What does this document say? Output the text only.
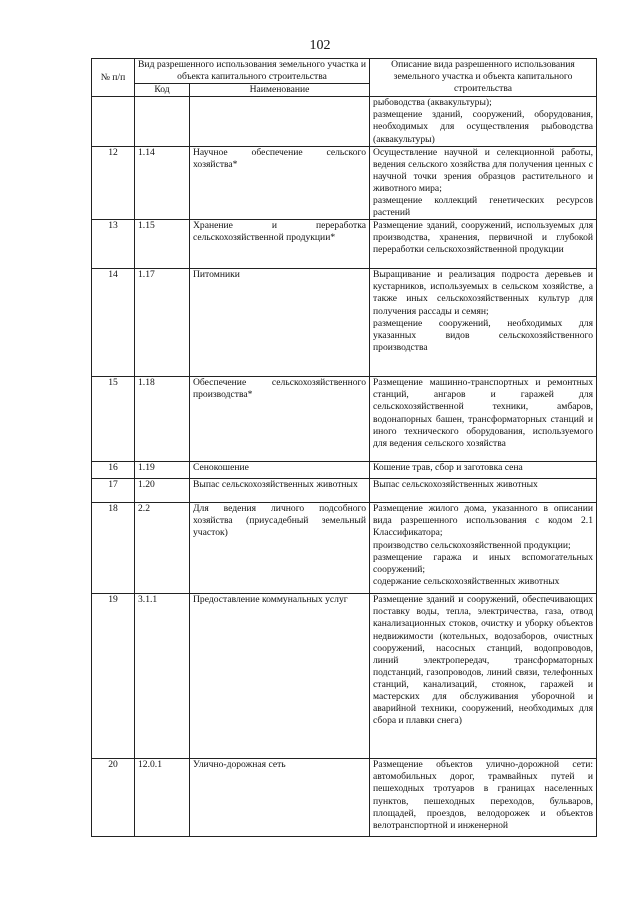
102
№ п/п	Вид разрешенного использования земельного участка и объекта капитального строительства		Описание вида разрешенного использования земельного участка и объекта капитального строительства
	Код	Наименование	

			рыбоводства (аквакультуры);
размещение зданий, сооружений, оборудования, необходимых для осуществления рыбоводства (аквакультуры)

12	1.14	Научное обеспечение сельского хозяйства*	Осуществление научной и селекционной работы, ведения сельского хозяйства для получения ценных с научной точки зрения образцов растительного и животного мира;
размещение коллекций генетических ресурсов растений

13	1.15	Хранение и переработка сельскохозяйственной продукции*	Размещение зданий, сооружений, используемых для производства, хранения, первичной и глубокой переработки сельскохозяйственной продукции

14	1.17	Питомники	Выращивание и реализация подроста деревьев и кустарников, используемых в сельском хозяйстве, а также иных сельскохозяйственных культур для получения рассады и семян;
размещение сооружений, необходимых для указанных видов сельскохозяйственного производства

15	1.18	Обеспечение сельскохозяйственного производства*	Размещение машинно-транспортных и ремонтных станций, ангаров и гаражей для сельскохозяйственной техники, амбаров, водонапорных башен, трансформаторных станций и иного технического оборудования, используемого для ведения сельского хозяйства

16	1.19	Сенокошение	Кошение трав, сбор и заготовка сена

17	1.20	Выпас сельскохозяйственных животных	Выпас сельскохозяйственных животных

18	2.2	Для ведения личного подсобного хозяйства (приусадебный земельный участок)	Размещение жилого дома, указанного в описании вида разрешенного использования с кодом 2.1 Классификатора;
производство сельскохозяйственной продукции;
размещение гаража и иных вспомогательных сооружений;
содержание сельскохозяйственных животных

19	3.1.1	Предоставление коммунальных услуг	Размещение зданий и сооружений, обеспечивающих поставку воды, тепла, электричества, газа, отвод канализационных стоков, очистку и уборку объектов недвижимости (котельных, водозаборов, очистных сооружений, насосных станций, водопроводов, линий электропередач, трансформаторных подстанций, газопроводов, линий связи, телефонных станций, канализаций, стоянок, гаражей и мастерских для обслуживания уборочной и аварийной техники, сооружений, необходимых для сбора и плавки снега)

20	12.0.1	Улично-дорожная сеть	Размещение объектов улично-дорожной сети: автомобильных дорог, трамвайных путей и пешеходных тротуаров в границах населенных пунктов, пешеходных переходов, бульваров, площадей, проездов, велодорожек и объектов велотранспортной и инженерной
